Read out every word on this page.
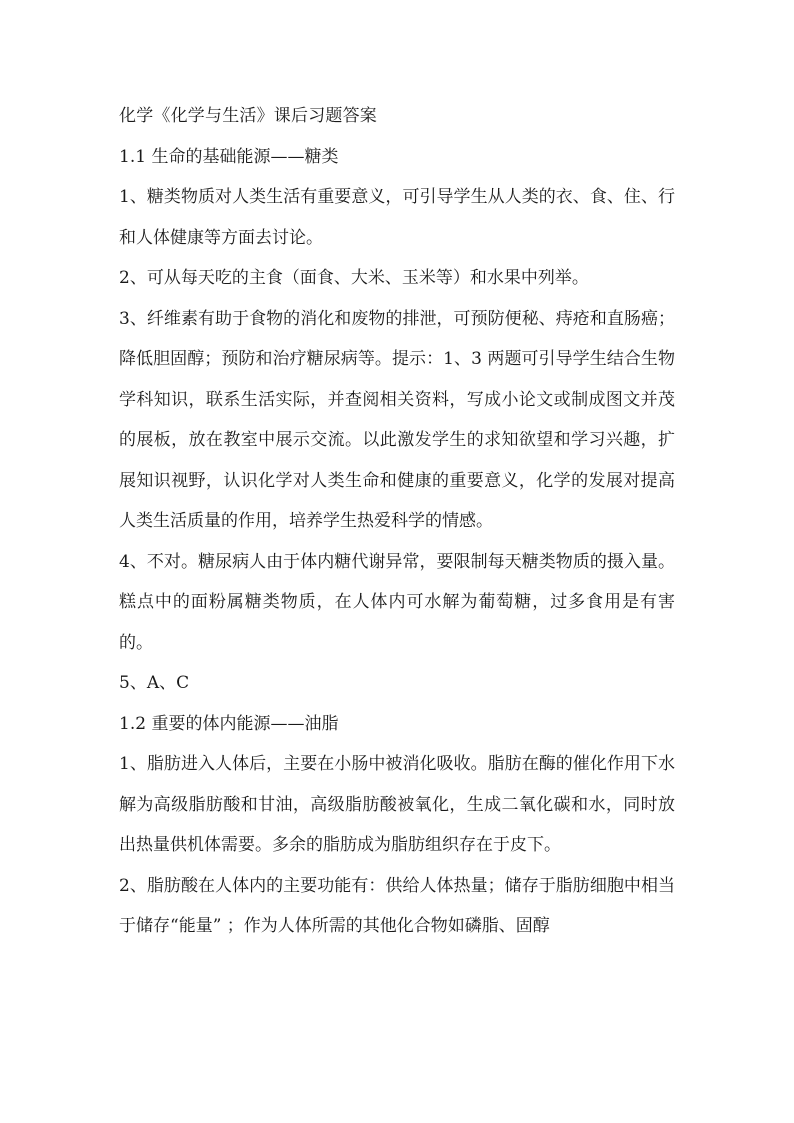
化学《化学与生活》课后习题答案

1.1 生命的基础能源——糖类

1、糖类物质对人类生活有重要意义，可引导学生从人类的衣、食、住、行和人体健康等方面去讨论。

2、可从每天吃的主食（面食、大米、玉米等）和水果中列举。

3、纤维素有助于食物的消化和废物的排泄，可预防便秘、痔疮和直肠癌；降低胆固醇；预防和治疗糖尿病等。提示：1、3 两题可引导学生结合生物学科知识，联系生活实际，并查阅相关资料，写成小论文或制成图文并茂的展板，放在教室中展示交流。以此激发学生的求知欲望和学习兴趣，扩展知识视野，认识化学对人类生命和健康的重要意义，化学的发展对提高人类生活质量的作用，培养学生热爱科学的情感。

4、不对。糖尿病人由于体内糖代谢异常，要限制每天糖类物质的摄入量。糕点中的面粉属糖类物质，在人体内可水解为葡萄糖，过多食用是有害的。

5、A、C

1.2 重要的体内能源——油脂

1、脂肪进入人体后，主要在小肠中被消化吸收。脂肪在酶的催化作用下水解为高级脂肪酸和甘油，高级脂肪酸被氧化，生成二氧化碳和水，同时放出热量供机体需要。多余的脂肪成为脂肪组织存在于皮下。

2、脂肪酸在人体内的主要功能有：供给人体热量；储存于脂肪细胞中相当于储存“能量” ；作为人体所需的其他化合物如磷脂、固醇
